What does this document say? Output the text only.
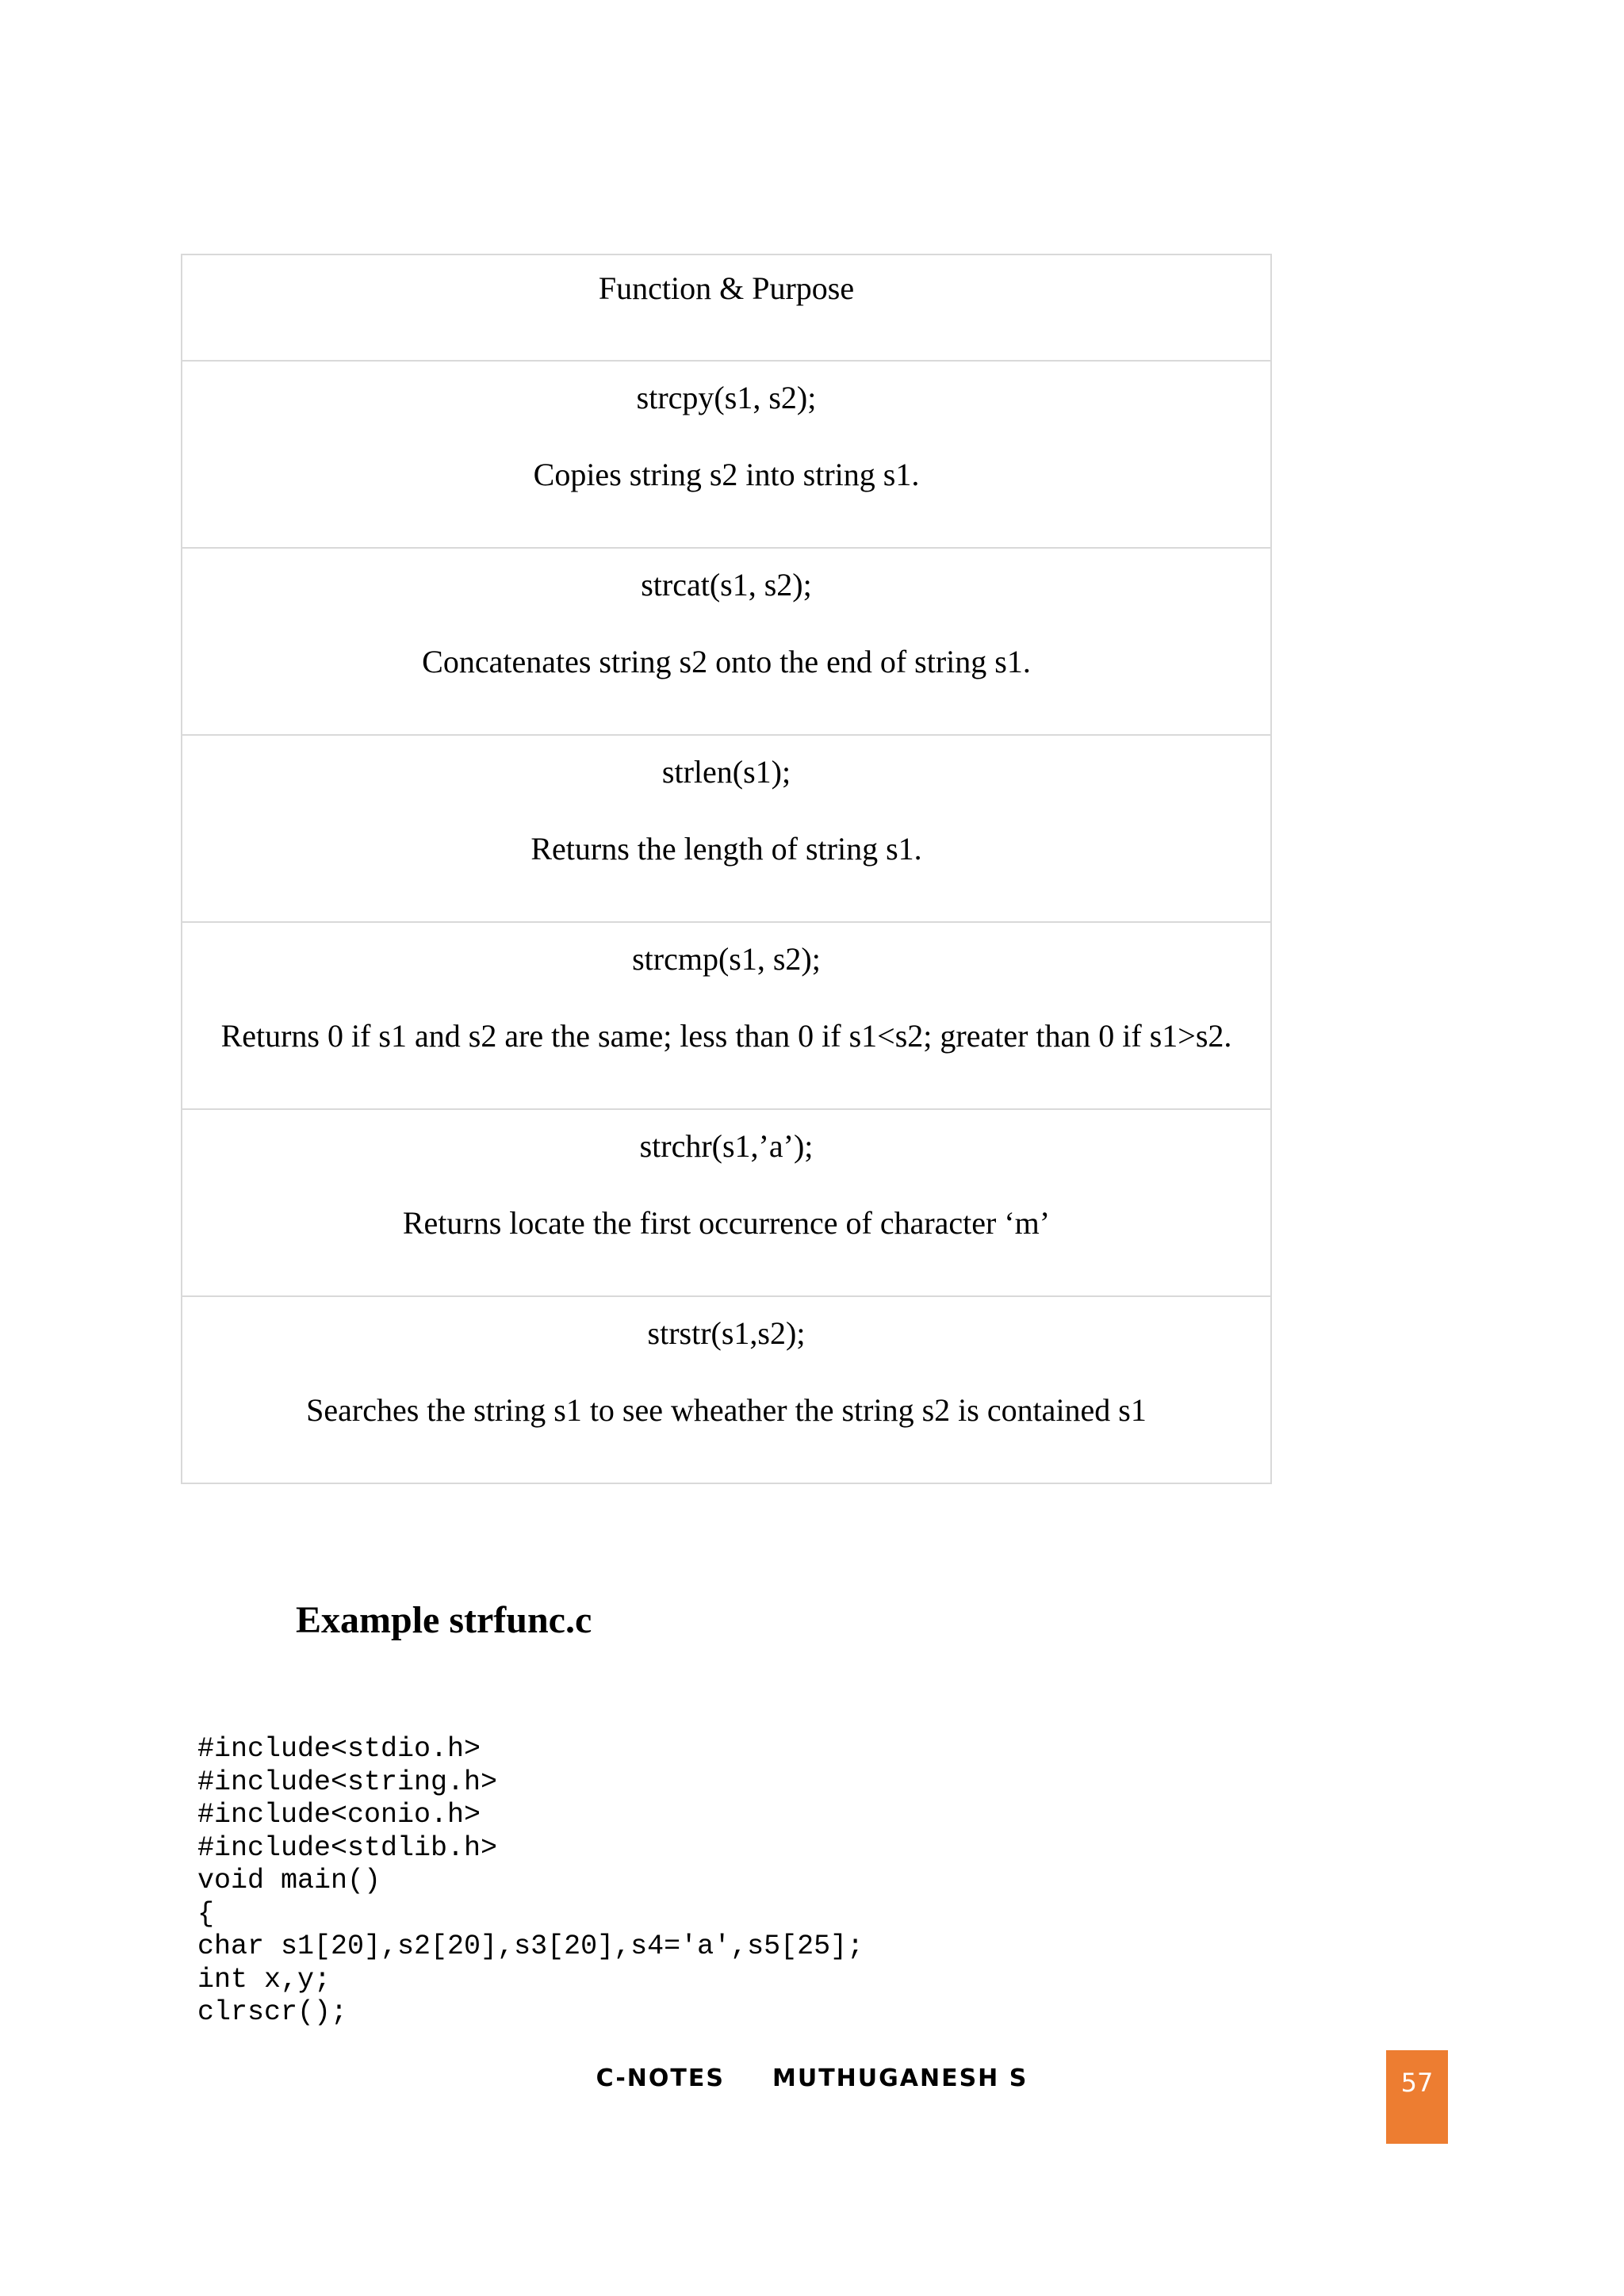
Function & Purpose

strcpy(s1, s2);

Copies string s2 into string s1.

strcat(s1, s2);

Concatenates string s2 onto the end of string s1.

strlen(s1);

Returns the length of string s1.

strcmp(s1, s2);

Returns 0 if s1 and s2 are the same; less than 0 if s1<s2; greater than 0 if s1>s2.

strchr(s1,’a’);

Returns locate the first occurrence of character ‘m’

strstr(s1,s2);

Searches the string s1 to see wheather the string s2 is contained s1

Example strfunc.c
#include<stdio.h>
#include<string.h>
#include<conio.h>
#include<stdlib.h>
void main()
{
char s1[20],s2[20],s3[20],s4='a',s5[25];
int x,y;
clrscr();
C-NOTES MUTHUGANESH S	57
